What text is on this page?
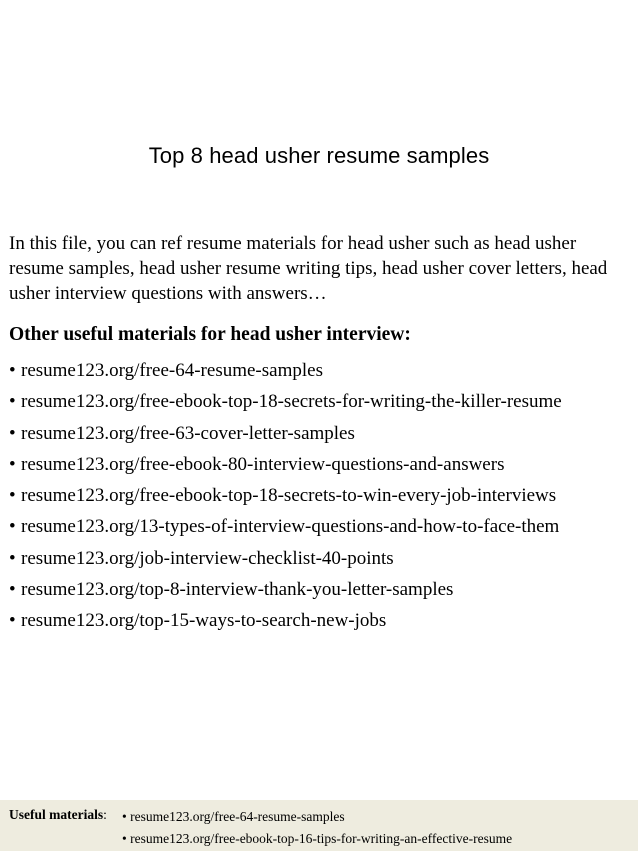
Top 8 head usher resume samples

In this file, you can ref resume materials for head usher such as head usher resume samples, head usher resume writing tips, head usher cover letters, head usher interview questions with answers…

Other useful materials for head usher interview:

• resume123.org/free-64-resume-samples
• resume123.org/free-ebook-top-18-secrets-for-writing-the-killer-resume
• resume123.org/free-63-cover-letter-samples
• resume123.org/free-ebook-80-interview-questions-and-answers
• resume123.org/free-ebook-top-18-secrets-to-win-every-job-interviews
• resume123.org/13-types-of-interview-questions-and-how-to-face-them
• resume123.org/job-interview-checklist-40-points
• resume123.org/top-8-interview-thank-you-letter-samples
• resume123.org/top-15-ways-to-search-new-jobs
Useful materials: • resume123.org/free-64-resume-samples
• resume123.org/free-ebook-top-16-tips-for-writing-an-effective-resume
